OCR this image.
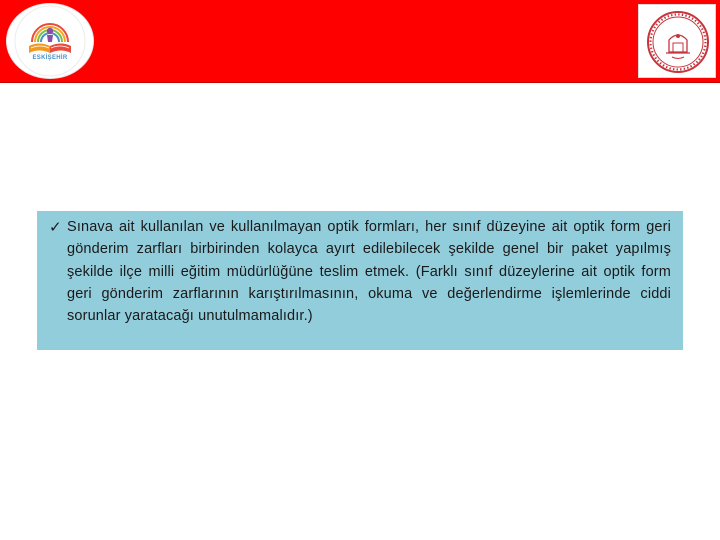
ESKİŞEHİR
✓ Sınava ait kullanılan ve kullanılmayan optik formları, her sınıf düzeyine ait optik form geri gönderim zarfları birbirinden kolayca ayırt edilebilecek şekilde genel bir paket yapılmış şekilde ilçe milli eğitim müdürlüğüne teslim etmek. (Farklı sınıf düzeylerine ait optik form geri gönderim zarflarının karıştırılmasının, okuma ve değerlendirme işlemlerinde ciddi sorunlar yaratacağı unutulmamalıdır.)
